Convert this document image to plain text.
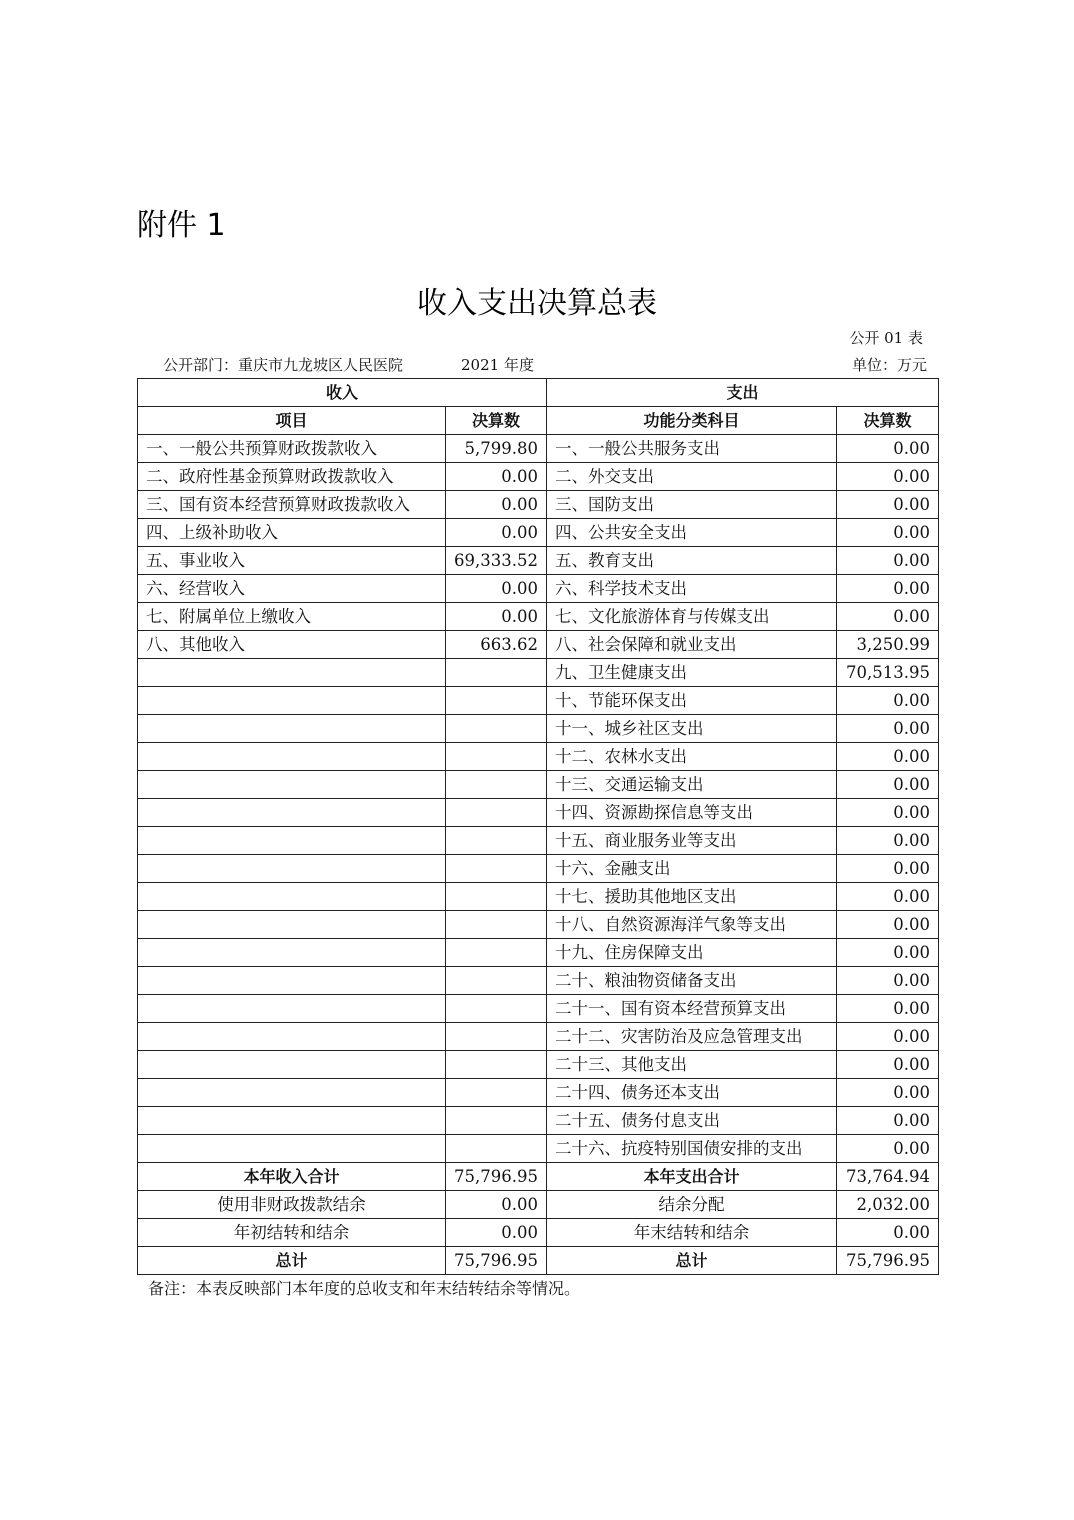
附件 1
收入支出决算总表
公开 01 表
公开部门：重庆市九龙坡区人民医院	2021 年度	单位：万元
收入		支出	
项目	决算数	功能分类科目	决算数
一、一般公共预算财政拨款收入	5,799.80	一、一般公共服务支出	0.00
二、政府性基金预算财政拨款收入	0.00	二、外交支出	0.00
三、国有资本经营预算财政拨款收入	0.00	三、国防支出	0.00
四、上级补助收入	0.00	四、公共安全支出	0.00
五、事业收入	69,333.52	五、教育支出	0.00
六、经营收入	0.00	六、科学技术支出	0.00
七、附属单位上缴收入	0.00	七、文化旅游体育与传媒支出	0.00
八、其他收入	663.62	八、社会保障和就业支出	3,250.99
		九、卫生健康支出	70,513.95
		十、节能环保支出	0.00
		十一、城乡社区支出	0.00
		十二、农林水支出	0.00
		十三、交通运输支出	0.00
		十四、资源勘探信息等支出	0.00
		十五、商业服务业等支出	0.00
		十六、金融支出	0.00
		十七、援助其他地区支出	0.00
		十八、自然资源海洋气象等支出	0.00
		十九、住房保障支出	0.00
		二十、粮油物资储备支出	0.00
		二十一、国有资本经营预算支出	0.00
		二十二、灾害防治及应急管理支出	0.00
		二十三、其他支出	0.00
		二十四、债务还本支出	0.00
		二十五、债务付息支出	0.00
		二十六、抗疫特别国债安排的支出	0.00
本年收入合计	75,796.95	本年支出合计	73,764.94
使用非财政拨款结余	0.00	结余分配	2,032.00
年初结转和结余	0.00	年末结转和结余	0.00
总计	75,796.95	总计	75,796.95
备注：本表反映部门本年度的总收支和年末结转结余等情况。
